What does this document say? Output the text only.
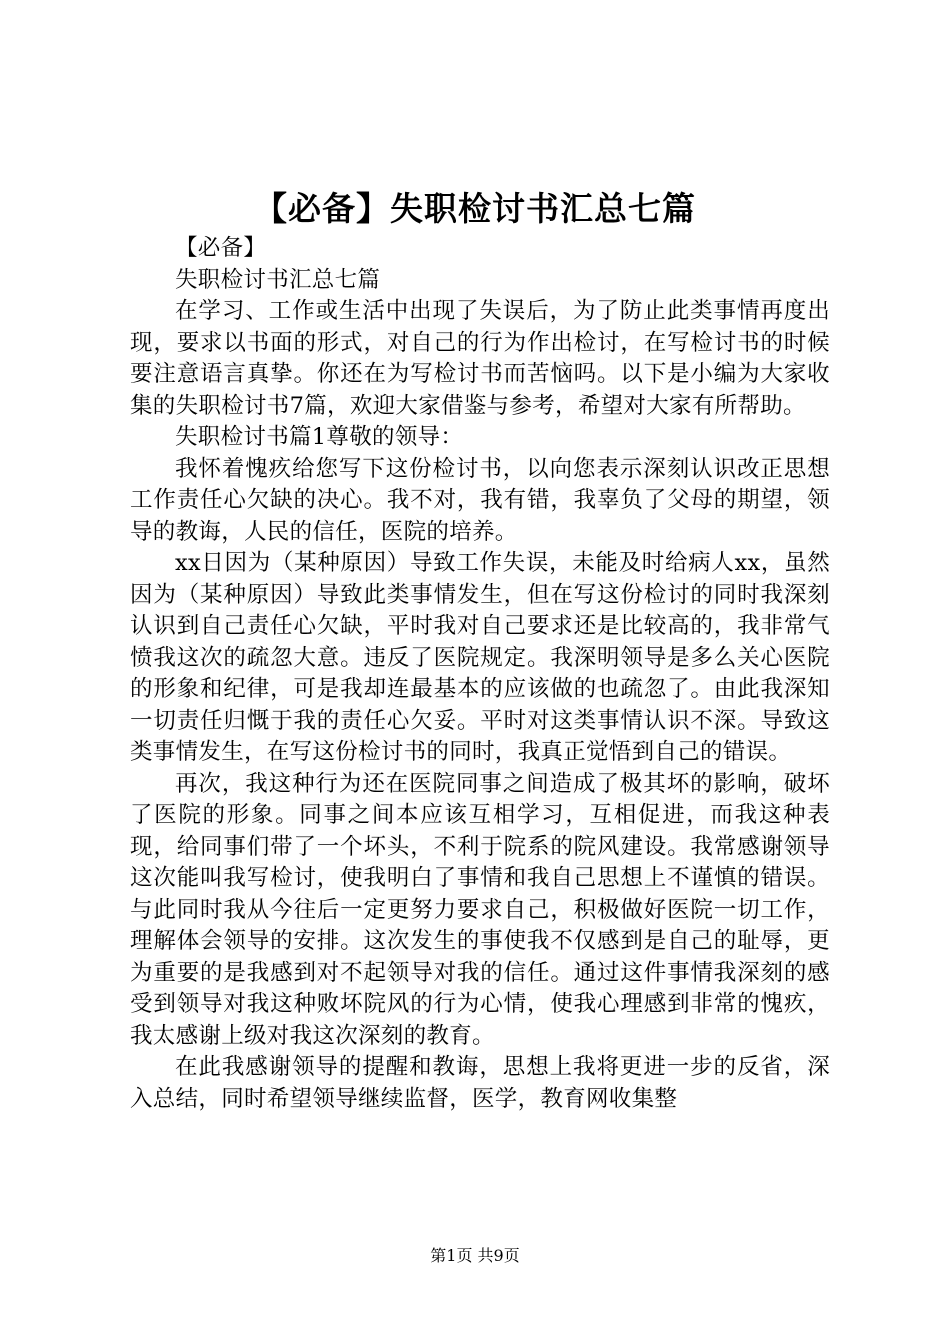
【必备】失职检讨书汇总七篇

【必备】

失职检讨书汇总七篇

在学习、工作或生活中出现了失误后，为了防止此类事情再度出现，要求以书面的形式，对自己的行为作出检讨，在写检讨书的时候要注意语言真挚。你还在为写检讨书而苦恼吗。以下是小编为大家收集的失职检讨书7篇，欢迎大家借鉴与参考，希望对大家有所帮助。

失职检讨书篇1尊敬的领导：

我怀着愧疚给您写下这份检讨书，以向您表示深刻认识改正思想工作责任心欠缺的决心。我不对，我有错，我辜负了父母的期望，领导的教诲，人民的信任，医院的培养。

xx日因为（某种原因）导致工作失误，未能及时给病人xx，虽然因为（某种原因）导致此类事情发生，但在写这份检讨的同时我深刻认识到自己责任心欠缺，平时我对自己要求还是比较高的，我非常气愤我这次的疏忽大意。违反了医院规定。我深明领导是多么关心医院的形象和纪律，可是我却连最基本的应该做的也疏忽了。由此我深知一切责任归慨于我的责任心欠妥。平时对这类事情认识不深。导致这类事情发生，在写这份检讨书的同时，我真正觉悟到自己的错误。

再次，我这种行为还在医院同事之间造成了极其坏的影响，破坏了医院的形象。同事之间本应该互相学习，互相促进，而我这种表现，给同事们带了一个坏头，不利于院系的院风建设。我常感谢领导这次能叫我写检讨，使我明白了事情和我自己思想上不谨慎的错误。与此同时我从今往后一定更努力要求自己，积极做好医院一切工作，理解体会领导的安排。这次发生的事使我不仅感到是自己的耻辱，更为重要的是我感到对不起领导对我的信任。通过这件事情我深刻的感受到领导对我这种败坏院风的行为心情，使我心理感到非常的愧疚，我太感谢上级对我这次深刻的教育。

在此我感谢领导的提醒和教诲，思想上我将更进一步的反省，深入总结，同时希望领导继续监督，医学，教育网收集整

第1页 共9页
